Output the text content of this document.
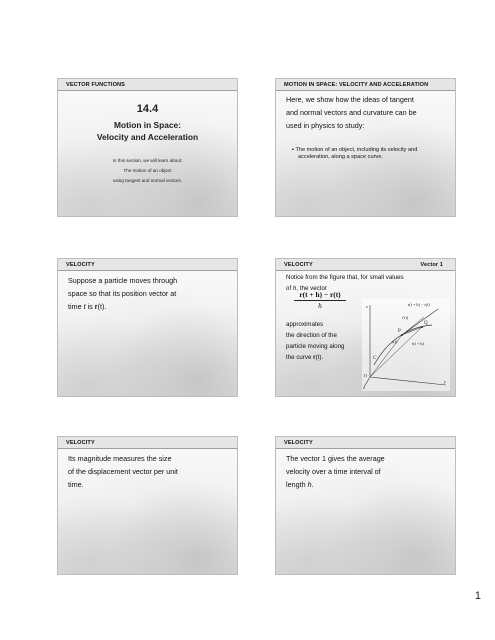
VECTOR FUNCTIONS
14.4
Motion in Space:
Velocity and Acceleration
In this section, we will learn about:
The motion of an object
using tangent and normal vectors.
MOTION IN SPACE: VELOCITY AND ACCELERATION
Here, we show how the ideas of tangent
and normal vectors and curvature can be
used in physics to study:
▪ The motion of an object, including its velocity and acceleration, along a space curve.
VELOCITY
Suppose a particle moves through
space so that its position vector at
time t is r(t).
VELOCITY	Vector 1
Notice from the figure that, for small values
of h, the vector
$\frac{r(t + h) - r(t)}{h}$
approximates
the direction of the
particle moving along
the curve r(t).
r(t + h) − r(t)
r′(t)
r(t + h)
r(t)
Q
P
C
O
z
x
y
VELOCITY
Its magnitude measures the size
of the displacement vector per unit
time.
VELOCITY
The vector 1 gives the average
velocity over a time interval of
length h.
1
